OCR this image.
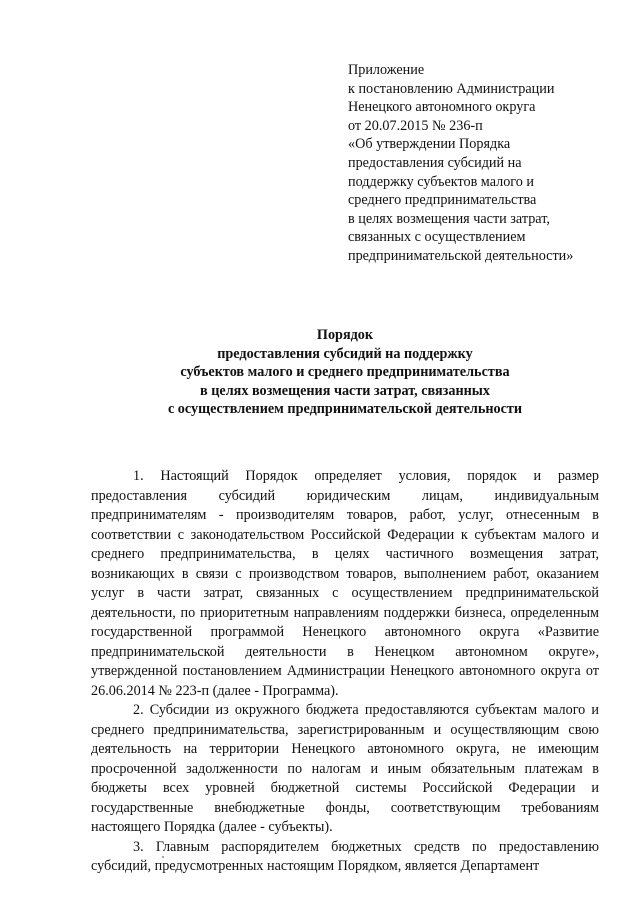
Приложение
к постановлению Администрации
Ненецкого автономного округа
от 20.07.2015 № 236-п
«Об утверждении Порядка
предоставления субсидий на
поддержку субъектов малого и
среднего предпринимательства
в целях возмещения части затрат,
связанных с осуществлением
предпринимательской деятельности»
Порядок
предоставления субсидий на поддержку
субъектов малого и среднего предпринимательства
в целях возмещения части затрат, связанных
с осуществлением предпринимательской деятельности

1. Настоящий Порядок определяет условия, порядок и размер предоставления субсидий юридическим лицам, индивидуальным предпринимателям - производителям товаров, работ, услуг, отнесенным в соответствии с законодательством Российской Федерации к субъектам малого и среднего предпринимательства, в целях частичного возмещения затрат, возникающих в связи с производством товаров, выполнением работ, оказанием услуг в части затрат, связанных с осуществлением предпринимательской деятельности, по приоритетным направлениям поддержки бизнеса, определенным государственной программой Ненецкого автономного округа «Развитие предпринимательской деятельности в Ненецком автономном округе», утвержденной постановлением Администрации Ненецкого автономного округа от 26.06.2014 № 223-п (далее - Программа).

2. Субсидии из окружного бюджета предоставляются субъектам малого и среднего предпринимательства, зарегистрированным и осуществляющим свою деятельность на территории Ненецкого автономного округа, не имеющим просроченной задолженности по налогам и иным обязательным платежам в бюджеты всех уровней бюджетной системы Российской Федерации и государственные внебюджетные фонды, соответствующим требованиям настоящего Порядка (далее - субъекты).

3. Главным распорядителем бюджетных средств по предоставлению субсидий, предусмотренных настоящим Порядком, является Департамент
